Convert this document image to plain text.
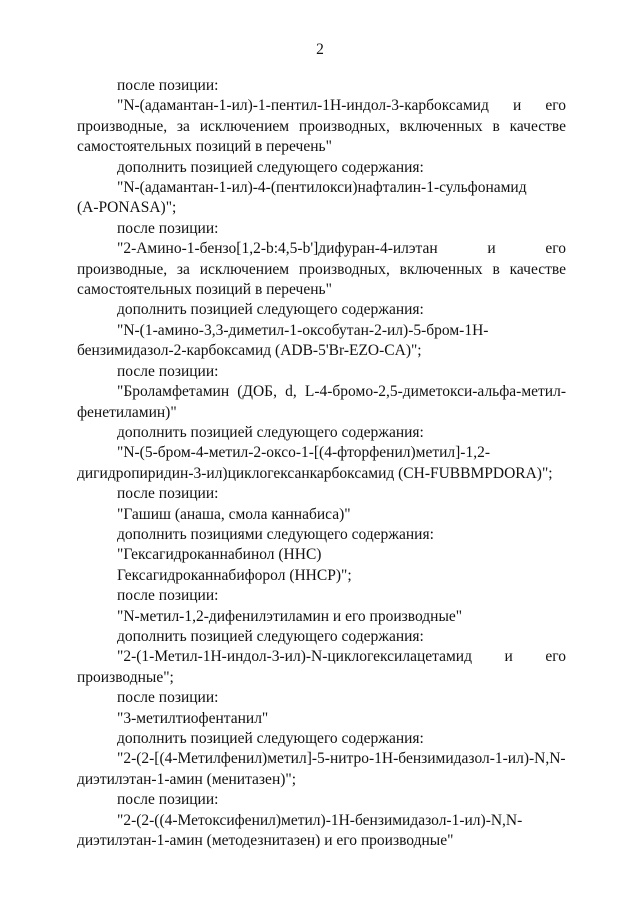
2

после позиции:

"N-(адамантан-1-ил)-1-пентил-1H-индол-3-карбоксамид и его

производные, за исключением производных, включенных в качестве самостоятельных позиций в перечень"

дополнить позицией следующего содержания:

"N-(адамантан-1-ил)-4-(пентилокси)нафталин-1-сульфонамид

(A-PONASA)";

после позиции:

"2-Амино-1-бензо[1,2-b:4,5-b']дифуран-4-илэтан и его производные, за исключением производных, включенных в качестве самостоятельных позиций в перечень"

дополнить позицией следующего содержания:

"N-(1-амино-3,3-диметил-1-оксобутан-2-ил)-5-бром-1H-

бензимидазол-2-карбоксамид (ADB-5'Br-EZO-CA)";

после позиции:

"Броламфетамин (ДОБ, d, L-4-бромо-2,5-диметокси-альфа-метил-

фенетиламин)"

дополнить позицией следующего содержания:

"N-(5-бром-4-метил-2-оксо-1-[(4-фторфенил)метил]-1,2-

дигидропиридин-3-ил)циклогексанкарбоксамид (CH-FUBBMPDORA)";

после позиции:

"Гашиш (анаша, смола каннабиса)"

дополнить позициями следующего содержания:

"Гексагидроканнабинол (HHC)

Гексагидроканнабифорол (HHCP)";

после позиции:

"N-метил-1,2-дифенилэтиламин и его производные"

дополнить позицией следующего содержания:

"2-(1-Метил-1H-индол-3-ил)-N-циклогексилацетамид и его

производные";

после позиции:

"3-метилтиофентанил"

дополнить позицией следующего содержания:

"2-(2-[(4-Метилфенил)метил]-5-нитро-1H-бензимидазол-1-ил)-N,N-

диэтилэтан-1-амин (менитазен)";

после позиции:

"2-(2-((4-Метоксифенил)метил)-1H-бензимидазол-1-ил)-N,N-

диэтилэтан-1-амин (методезнитазен) и его производные"
